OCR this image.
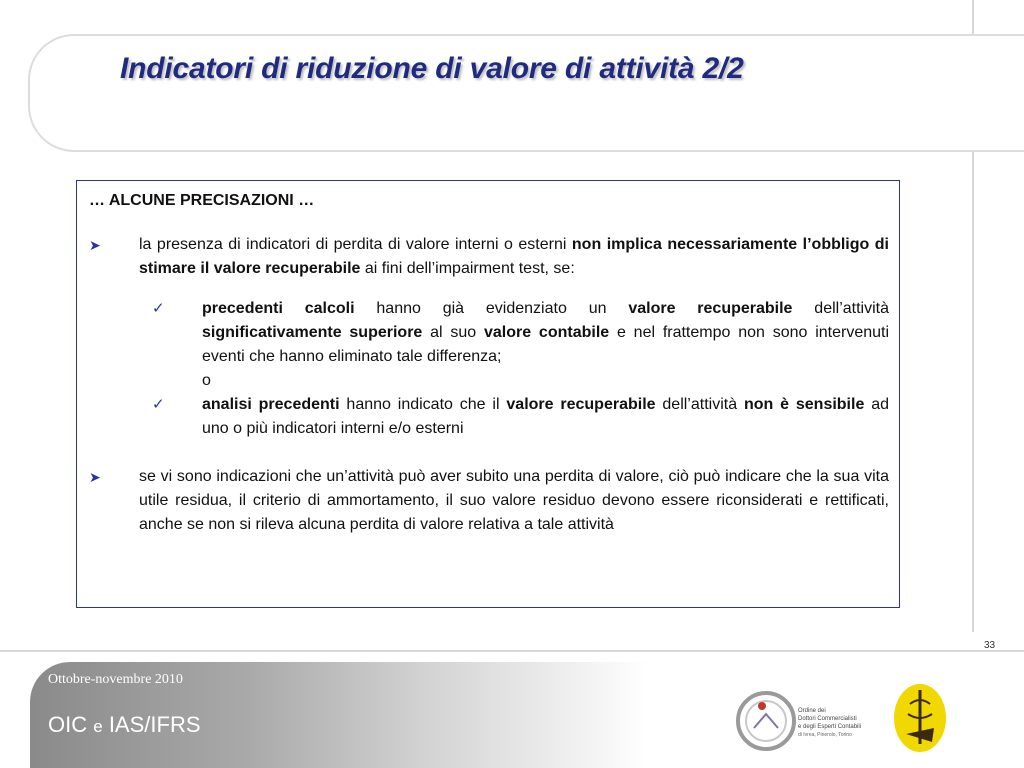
Indicatori di riduzione di valore di attività 2/2

… ALCUNE PRECISAZIONI …

➤ la presenza di indicatori di perdita di valore interni o esterni non implica necessariamente l’obbligo di stimare il valore recuperabile ai fini dell’impairment test, se:

✓ precedenti calcoli hanno già evidenziato un valore recuperabile dell’attività significativamente superiore al suo valore contabile e nel frattempo non sono intervenuti eventi che hanno eliminato tale differenza;

o

✓ analisi precedenti hanno indicato che il valore recuperabile dell’attività non è sensibile ad uno o più indicatori interni e/o esterni

➤ se vi sono indicazioni che un’attività può aver subito una perdita di valore, ciò può indicare che la sua vita utile residua, il criterio di ammortamento, il suo valore residuo devono essere riconsiderati e rettificati, anche se non si rileva alcuna perdita di valore relativa a tale attività
33
Ottobre-novembre 2010
OIC e IAS/IFRS
Ordine dei
Dottori Commercialisti
e degli Esperti Contabili
di Ivrea, Pinerolo, Torino
